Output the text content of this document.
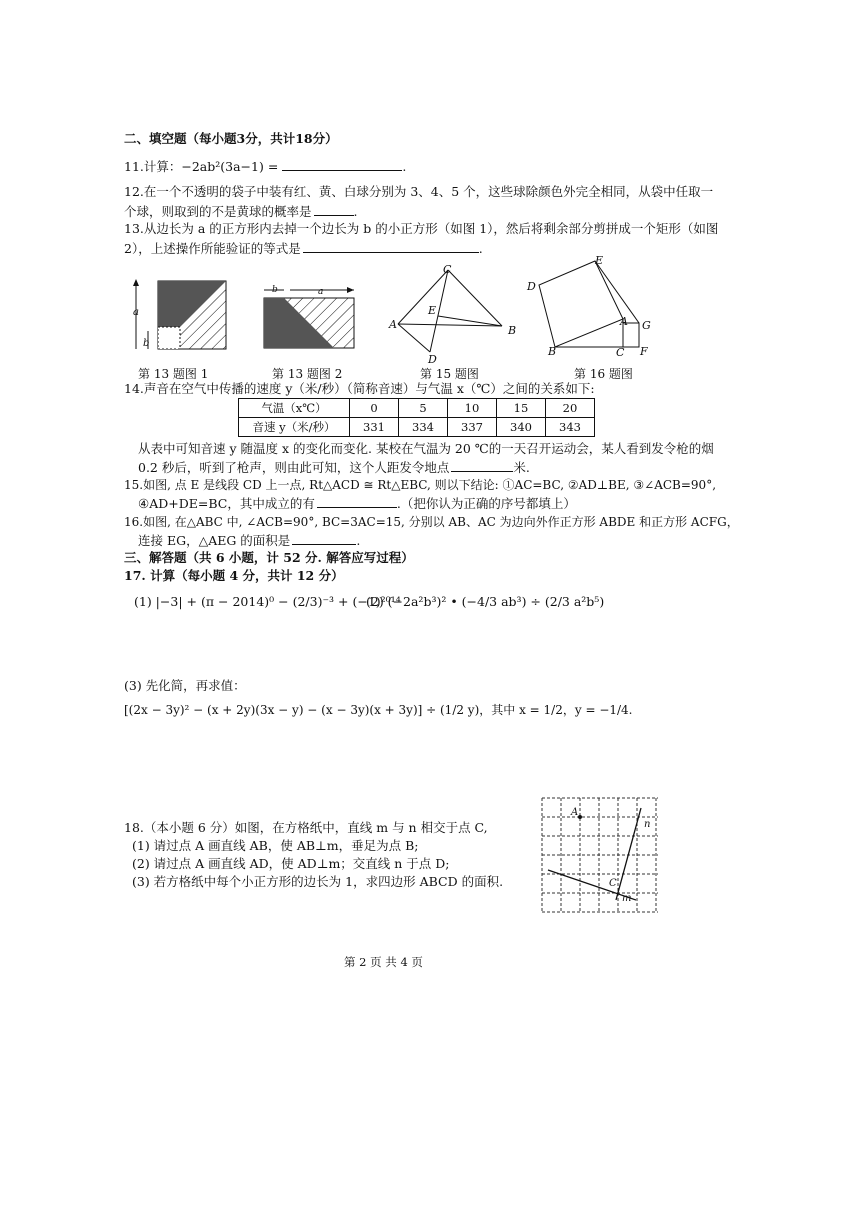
二、填空题（每小题3分，共计18分）
11.计算：−2ab²(3a−1) =	.
12.在一个不透明的袋子中装有红、黄、白球分别为 3、4、5 个，这些球除颜色外完全相同，从袋中任取一
个球，则取到的不是黄球的概率是	.
13.从边长为 a 的正方形内去掉一个边长为 b 的小正方形（如图 1），然后将剩余部分剪拼成一个矩形（如图
2），上述操作所能验证的等式是	.
a
b
b	a
C
E
A	B
D
E
D
A G
B	C F
第 13 题图 1	第 13 题图 2	第 15 题图	第 16 题图
14.声音在空气中传播的速度 y（米/秒）（简称音速）与气温 x（℃）之间的关系如下:
气温（x℃）	0	5	10	15	20
音速 y（米/秒）	331	334	337	340	343
从表中可知音速 y 随温度 x 的变化而变化. 某校在气温为 20 ℃的一天召开运动会，某人看到发令枪的烟
0.2 秒后，听到了枪声，则由此可知，这个人距发令地点	米.
15.如图, 点 E 是线段 CD 上一点, Rt△ACD ≅ Rt△EBC, 则以下结论: ①AC=BC, ②AD⊥BE, ③∠ACB=90°,
④AD+DE=BC，其中成立的有	.（把你认为正确的序号都填上）
16.如图, 在△ABC 中, ∠ACB=90°, BC=3AC=15, 分别以 AB、AC 为边向外作正方形 ABDE 和正方形 ACFG，
连接 EG，△AEG 的面积是	.
三、解答题（共 6 小题，计 52 分. 解答应写过程）
17. 计算（每小题 4 分，共计 12 分）
(1) |−3| + (π − 2014)⁰ − (2/3)⁻³ + (−1)²⁰¹⁴
(2) (−2a²b³)² • (−4/3 ab³) ÷ (2/3 a²b⁵)
(3) 先化简，再求值：
[(2x − 3y)² − (x + 2y)(3x − y) − (x − 3y)(x + 3y)] ÷ (1/2 y)，其中 x = 1/2，y = −1/4.
18.（本小题 6 分）如图，在方格纸中，直线 m 与 n 相交于点 C,
(1) 请过点 A 画直线 AB，使 AB⊥m，垂足为点 B;
(2) 请过点 A 画直线 AD，使 AD⊥m；交直线 n 于点 D;
(3) 若方格纸中每个小正方形的边长为 1，求四边形 ABCD 的面积.
A
n
C
m
第 2 页 共 4 页
